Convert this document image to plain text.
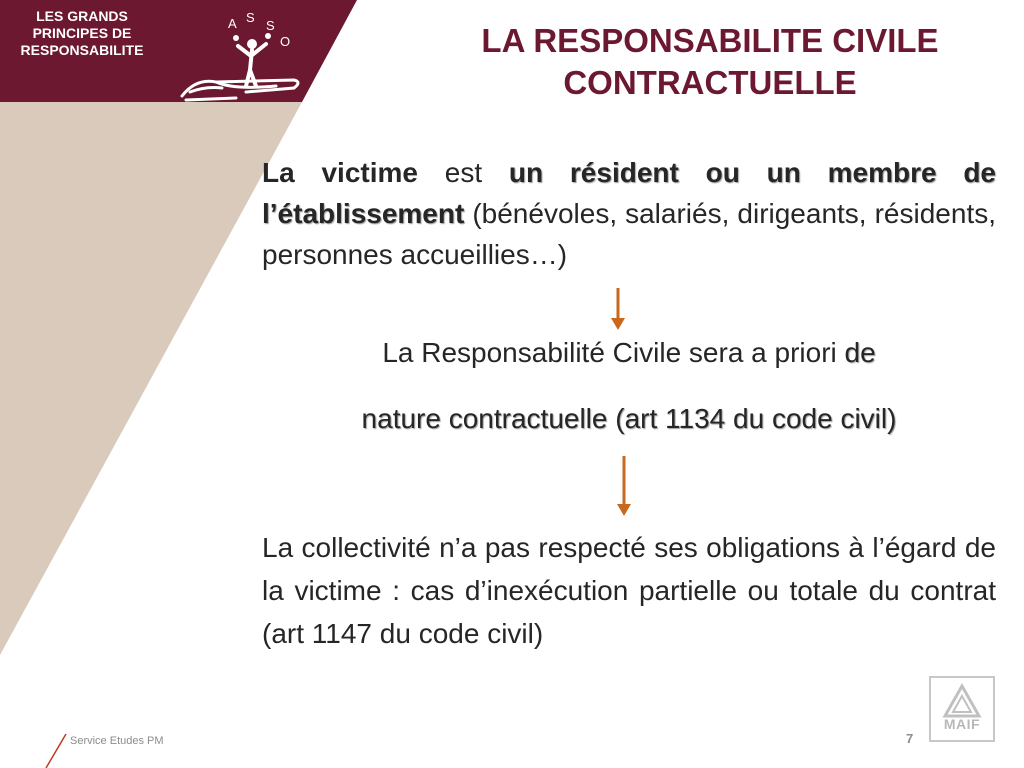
LES GRANDS
PRINCIPES DE
RESPONSABILITE
A S
S
O	LA RESPONSABILITE CIVILE
CONTRACTUELLE
La victime est un résident ou un membre de l’établissement (bénévoles, salariés, dirigeants, résidents, personnes accueillies…)
La Responsabilité Civile sera a priori de
nature contractuelle (art 1134 du code civil)
La collectivité n’a pas respecté ses obligations à l’égard de la victime : cas d’inexécution partielle ou totale du contrat (art 1147 du code civil)
Service Etudes PM	7
MAIF
